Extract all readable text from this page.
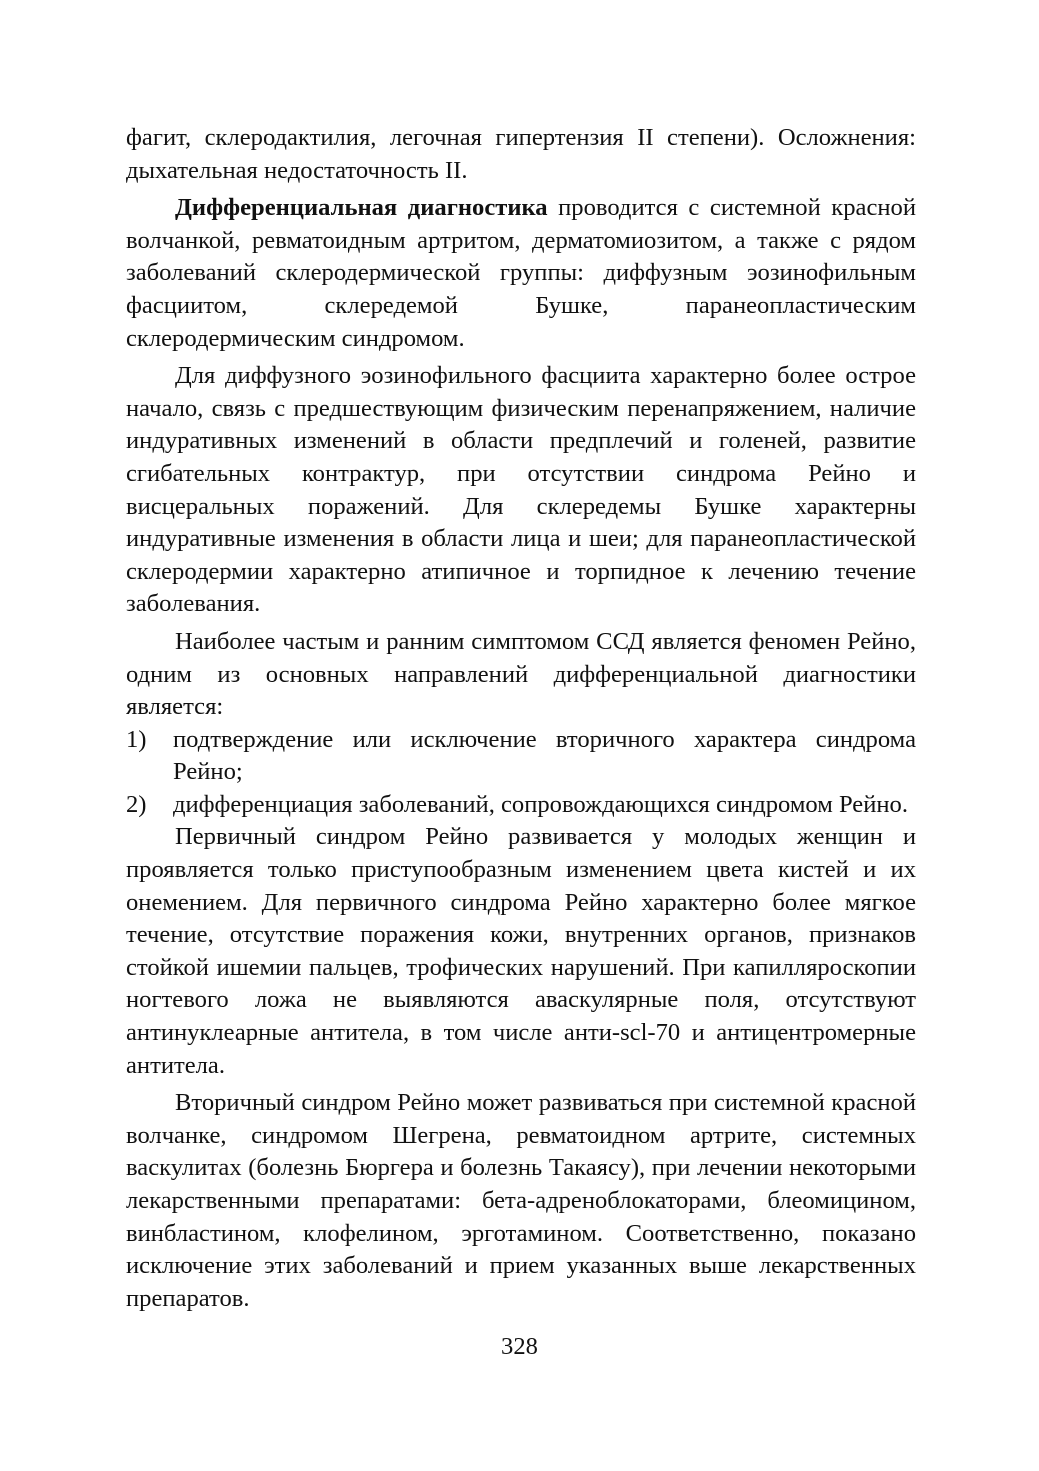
фагит, склеродактилия, легочная гипертензия II степени). Осложнения: дыхательная недостаточность II.

Дифференциальная диагностика проводится с системной красной волчанкой, ревматоидным артритом, дерматомиозитом, а также с рядом заболеваний склеродермической группы: диффузным эозинофильным фасциитом, склередемой Бушке, паранеопластическим склеродермическим синдромом.

Для диффузного эозинофильного фасциита характерно более острое начало, связь с предшествующим физическим перенапряжением, наличие индуративных изменений в области предплечий и голеней, развитие сгибательных контрактур, при отсутствии синдрома Рейно и висцеральных поражений. Для склередемы Бушке характерны индуративные изменения в области лица и шеи; для паранеопластической склеродермии характерно атипичное и торпидное к лечению течение заболевания.

Наиболее частым и ранним симптомом ССД является феномен Рейно, одним из основных направлений дифференциальной диагностики является:

1) подтверждение или исключение вторичного характера синдрома Рейно;
2) дифференциация заболеваний, сопровождающихся синдромом Рейно.

Первичный синдром Рейно развивается у молодых женщин и проявляется только приступообразным изменением цвета кистей и их онемением. Для первичного синдрома Рейно характерно более мягкое течение, отсутствие поражения кожи, внутренних органов, признаков стойкой ишемии пальцев, трофических нарушений. При капилляроскопии ногтевого ложа не выявляются аваскулярные поля, отсутствуют антинуклеарные антитела, в том числе анти-scl-70 и антицентромерные антитела.

Вторичный синдром Рейно может развиваться при системной красной волчанке, синдромом Шегрена, ревматоидном артрите, системных васкулитах (болезнь Бюргера и болезнь Такаясу), при лечении некоторыми лекарственными препаратами: бета-адреноблокаторами, блеомицином, винбластином, клофелином, эрготамином. Соответственно, показано исключение этих заболеваний и прием указанных выше лекарственных препаратов.

328
